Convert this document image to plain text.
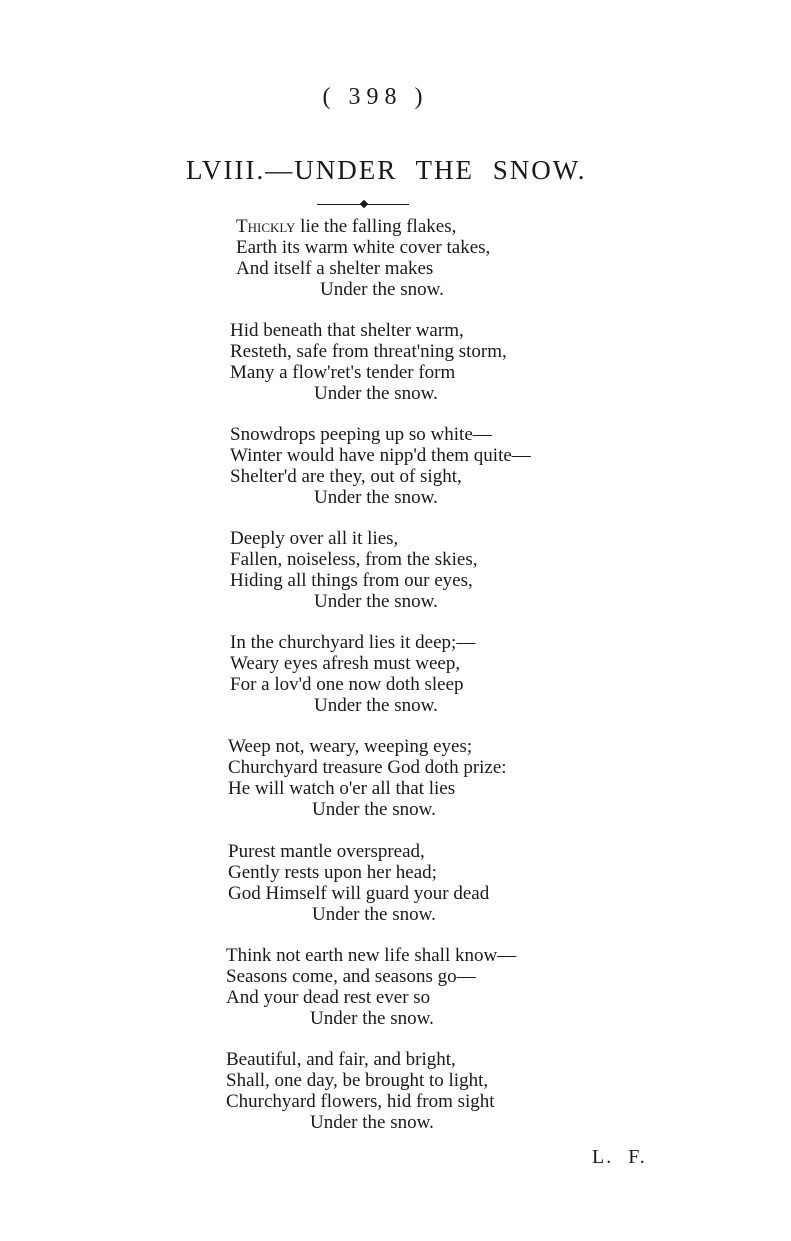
( 398 )
LVIII.—UNDER THE SNOW.
Thickly lie the falling flakes,
Earth its warm white cover takes,
And itself a shelter makes
Under the snow.
Hid beneath that shelter warm,
Resteth, safe from threat'ning storm,
Many a flow'ret's tender form
Under the snow.
Snowdrops peeping up so white—
Winter would have nipp'd them quite—
Shelter'd are they, out of sight,
Under the snow.
Deeply over all it lies,
Fallen, noiseless, from the skies,
Hiding all things from our eyes,
Under the snow.
In the churchyard lies it deep;—
Weary eyes afresh must weep,
For a lov'd one now doth sleep
Under the snow.
Weep not, weary, weeping eyes;
Churchyard treasure God doth prize:
He will watch o'er all that lies
Under the snow.
Purest mantle overspread,
Gently rests upon her head;
God Himself will guard your dead
Under the snow.
Think not earth new life shall know—
Seasons come, and seasons go—
And your dead rest ever so
Under the snow.
Beautiful, and fair, and bright,
Shall, one day, be brought to light,
Churchyard flowers, hid from sight
Under the snow.
L. F.
